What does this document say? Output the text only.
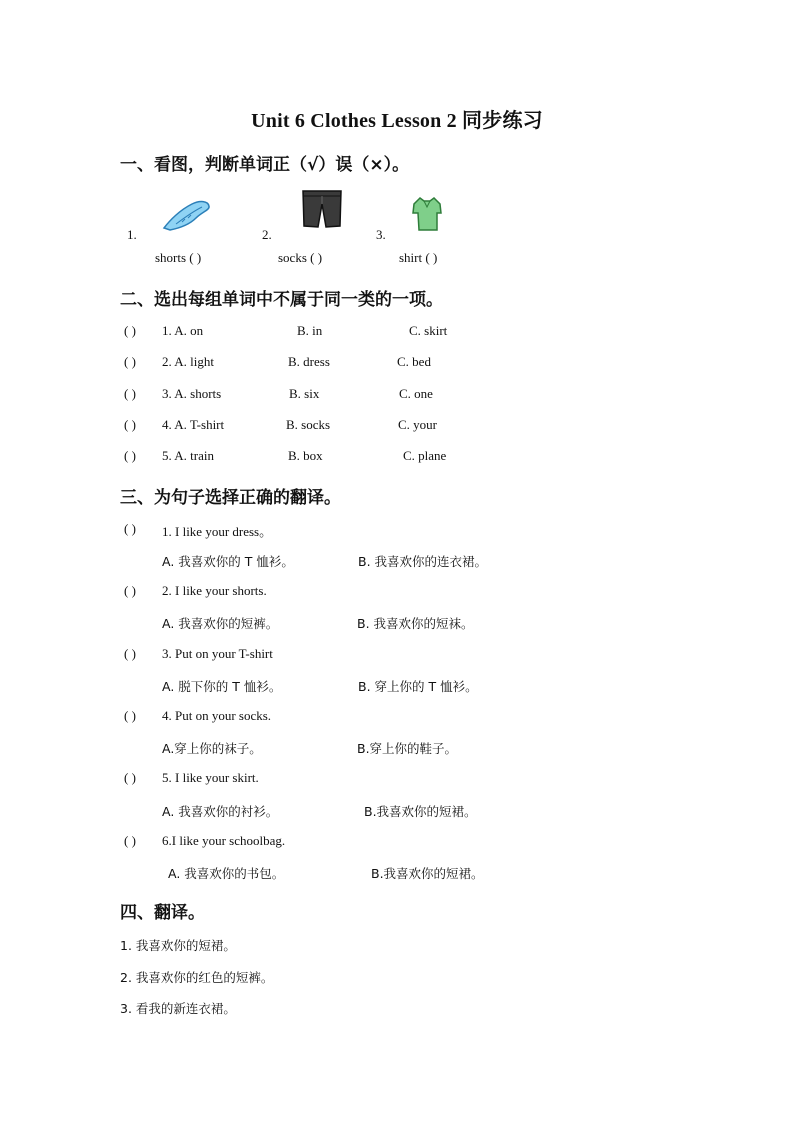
Unit 6 Clothes Lesson 2 同步练习
一、看图，判断单词正（√）误（×）。
1.
shorts ( )
2.
socks ( )
3.
shirt ( )
二、选出每组单词中不属于同一类的一项。
( ) 1. A. on	B. in	C. skirt
( ) 2. A. light	B. dress	C. bed
( ) 3. A. shorts	B. six	C. one
( ) 4. A. T-shirt	B. socks	C. your
( ) 5. A. train	B. box	C. plane
三、为句子选择正确的翻译。
( ) 1. I like your dress。
A. 我喜欢你的 T 恤衫。	B. 我喜欢你的连衣裙。
( ) 2. I like your shorts.
A. 我喜欢你的短裤。	B. 我喜欢你的短袜。
( ) 3. Put on your T-shirt
A. 脱下你的 T 恤衫。	B. 穿上你的 T 恤衫。
( ) 4. Put on your socks.
A.穿上你的袜子。	B.穿上你的鞋子。
( ) 5. I like your skirt.
A. 我喜欢你的衬衫。	B.我喜欢你的短裙。
( ) 6.I like your schoolbag.
A. 我喜欢你的书包。	B.我喜欢你的短裙。
四、翻译。
1. 我喜欢你的短裙。
2. 我喜欢你的红色的短裤。
3. 看我的新连衣裙。
